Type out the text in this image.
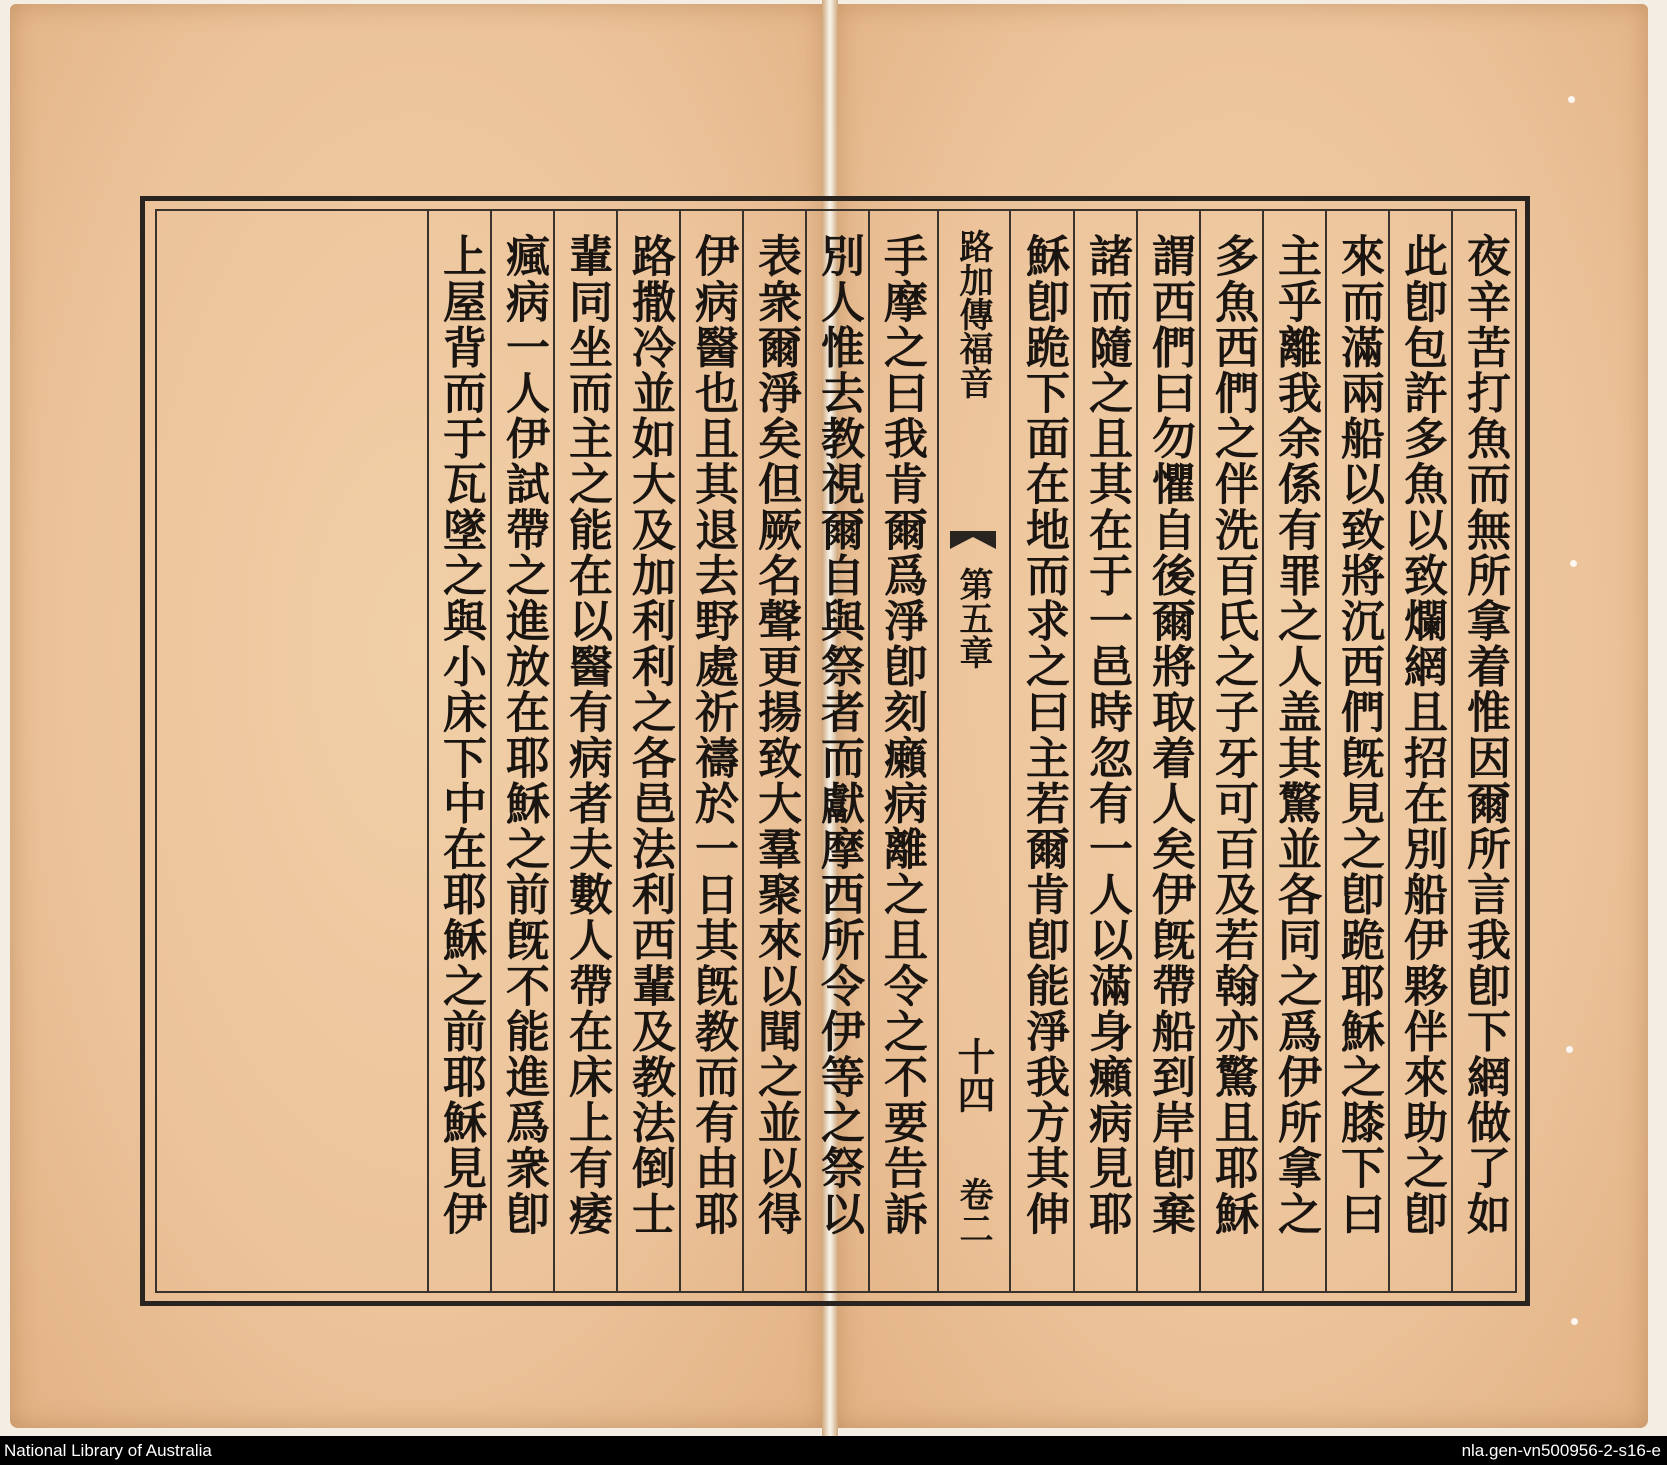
夜辛苦打魚而無所拿着惟因爾所言我卽下網做了如
此卽包許多魚以致爛網且招在別船伊夥伴來助之卽
來而滿兩船以致將沉西們旣見之卽跪耶穌之膝下曰
主乎離我余係有罪之人盖其驚並各同之爲伊所拿之
多魚西們之伴洗百氏之子牙可百及若翰亦驚且耶穌
謂西們曰勿懼自後爾將取着人矣伊旣帶船到岸卽棄
諸而隨之且其在于一邑時忽有一人以滿身癩病見耶
穌卽跪下面在地而求之曰主若爾肯卽能淨我方其伸
路加傳福音
第五章
十四
卷二
手摩之曰我肯爾爲淨卽刻癩病離之且令之不要告訴
別人惟去教視爾自與祭者而獻摩西所令伊等之祭以
表衆爾淨矣但厥名聲更揚致大羣聚來以聞之並以得
伊病醫也且其退去野處祈禱於一日其旣教而有由耶
路撒冷並如大及加利利之各邑法利西輩及教法倒士
輩同坐而主之能在以醫有病者夫數人帶在床上有痿
瘋病一人伊試帶之進放在耶穌之前旣不能進爲衆卽
上屋背而于瓦墜之與小床下中在耶穌之前耶穌見伊
National Library of Australia	nla.gen-vn500956-2-s16-e
